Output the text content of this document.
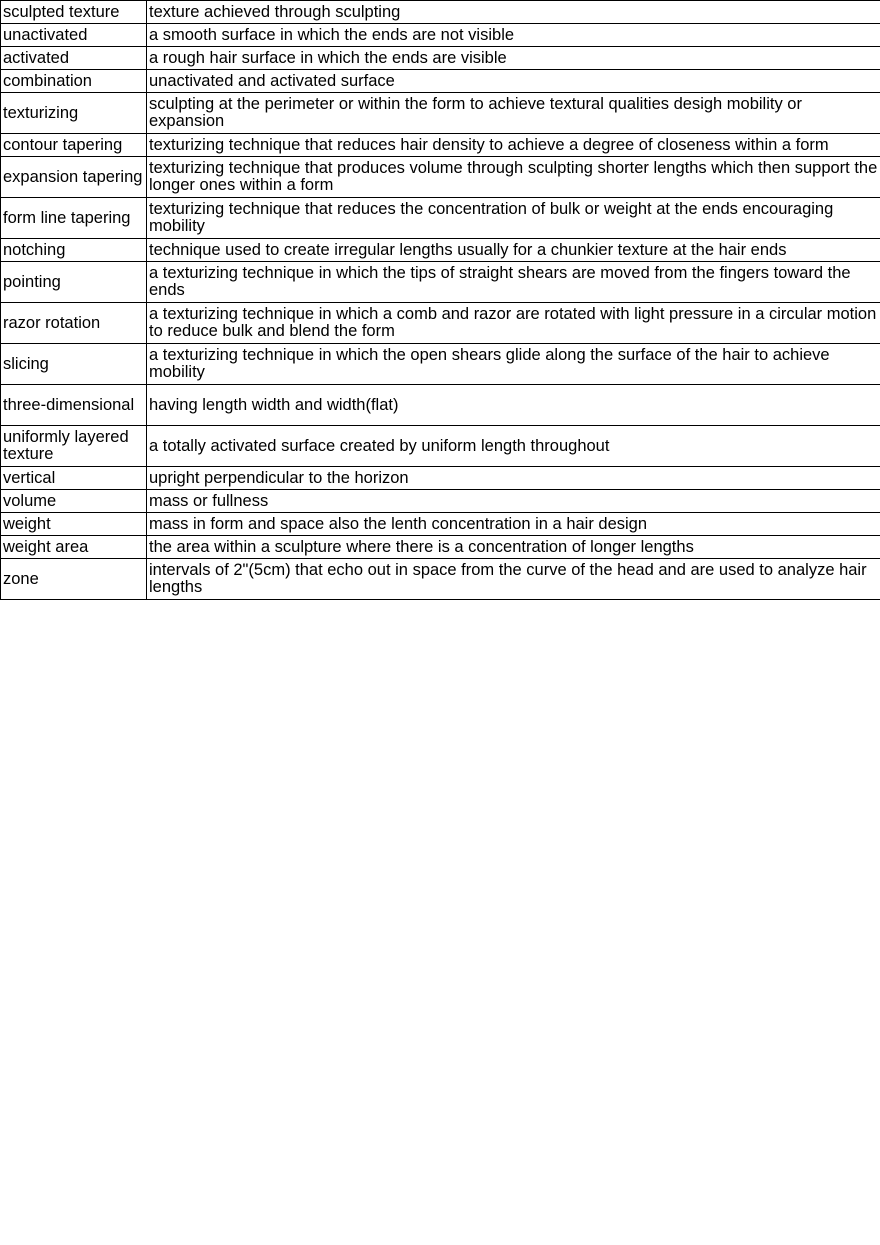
sculpted texture	texture achieved through sculpting
unactivated	a smooth surface in which the ends are not visible
activated	a rough hair surface in which the ends are visible
combination	unactivated and activated surface
texturizing	sculpting at the perimeter or within the form to achieve textural qualities desigh mobility or expansion
contour tapering	texturizing technique that reduces hair density to achieve a degree of closeness within a form
expansion tapering	texturizing technique that produces volume through sculpting shorter lengths which then support the longer ones within a form
form line tapering	texturizing technique that reduces the concentration of bulk or weight at the ends encouraging mobility
notching	technique used to create irregular lengths usually for a chunkier texture at the hair ends
pointing	a texturizing technique in which the tips of straight shears are moved from the fingers toward the ends
razor rotation	a texturizing technique in which a comb and razor are rotated with light pressure in a circular motion to reduce bulk and blend the form
slicing	a texturizing technique in which the open shears glide along the surface of the hair to achieve mobility
three-dimensional	having length width and width(flat)
uniformly layered texture	a totally activated surface created by uniform length throughout
vertical	upright perpendicular to the horizon
volume	mass or fullness
weight	mass in form and space also the lenth concentration in a hair design
weight area	the area within a sculpture where there is a concentration of longer lengths
zone	intervals of 2"(5cm) that echo out in space from the curve of the head and are used to analyze hair lengths
